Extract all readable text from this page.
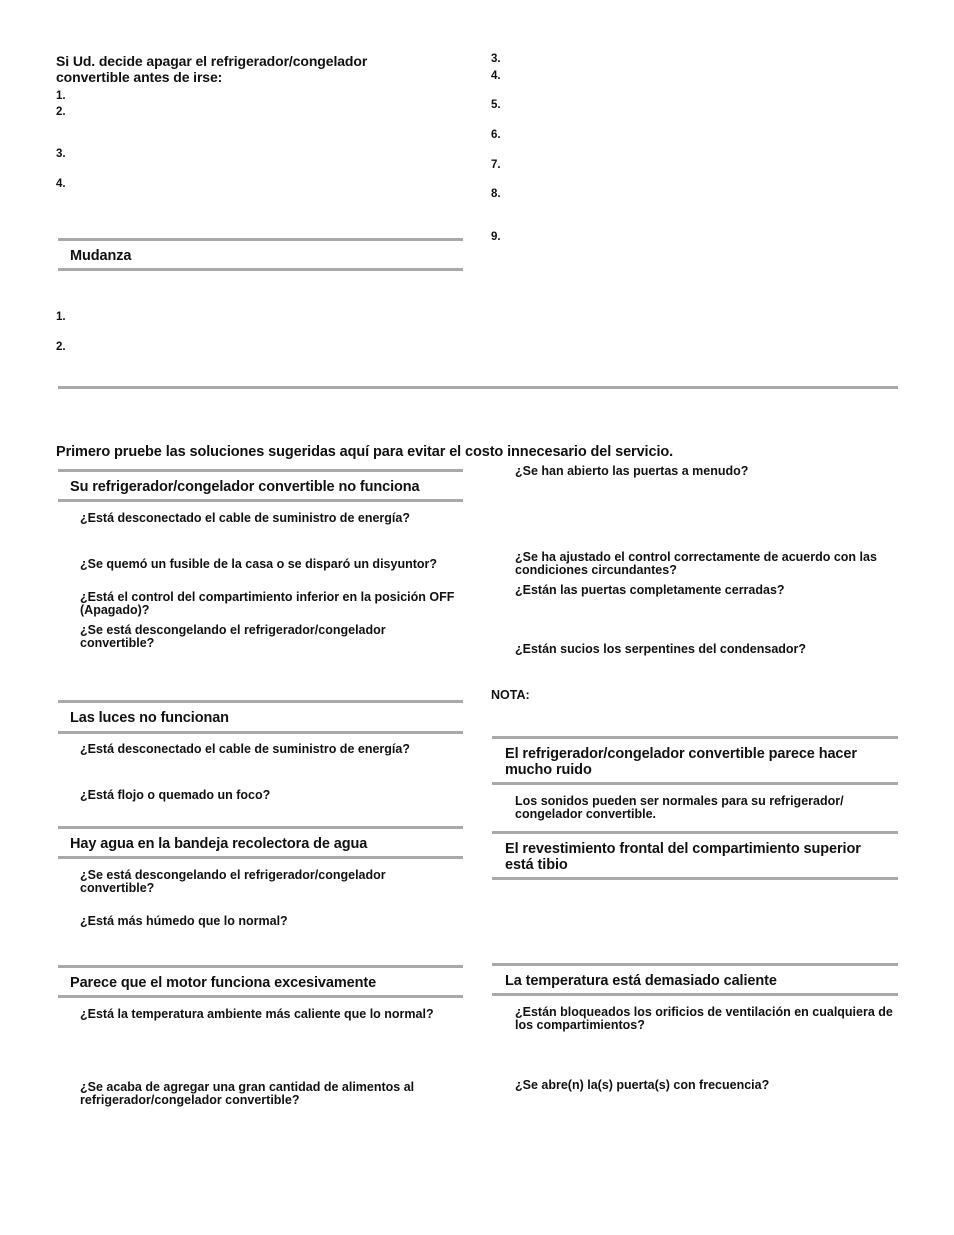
Si Ud. decide apagar el refrigerador/congelador convertible antes de irse:
1.
2.
3.
4.
Mudanza
1.
2.
3.
4.
5.
6.
7.
8.
9.
Primero pruebe las soluciones sugeridas aquí para evitar el costo innecesario del servicio.
Su refrigerador/congelador convertible no funciona
¿Está desconectado el cable de suministro de energía?
¿Se quemó un fusible de la casa o se disparó un disyuntor?
¿Está el control del compartimiento inferior en la posición OFF (Apagado)?
¿Se está descongelando el refrigerador/congelador convertible?
Las luces no funcionan
¿Está desconectado el cable de suministro de energía?
¿Está flojo o quemado un foco?
Hay agua en la bandeja recolectora de agua
¿Se está descongelando el refrigerador/congelador convertible?
¿Está más húmedo que lo normal?
Parece que el motor funciona excesivamente
¿Está la temperatura ambiente más caliente que lo normal?
¿Se acaba de agregar una gran cantidad de alimentos al refrigerador/congelador convertible?
¿Se han abierto las puertas a menudo?
¿Se ha ajustado el control correctamente de acuerdo con las condiciones circundantes?
¿Están las puertas completamente cerradas?
¿Están sucios los serpentines del condensador?
NOTA:
El refrigerador/congelador convertible parece hacer mucho ruido
Los sonidos pueden ser normales para su refrigerador/ congelador convertible.
El revestimiento frontal del compartimiento superior está tibio
La temperatura está demasiado caliente
¿Están bloqueados los orificios de ventilación en cualquiera de los compartimientos?
¿Se abre(n) la(s) puerta(s) con frecuencia?
